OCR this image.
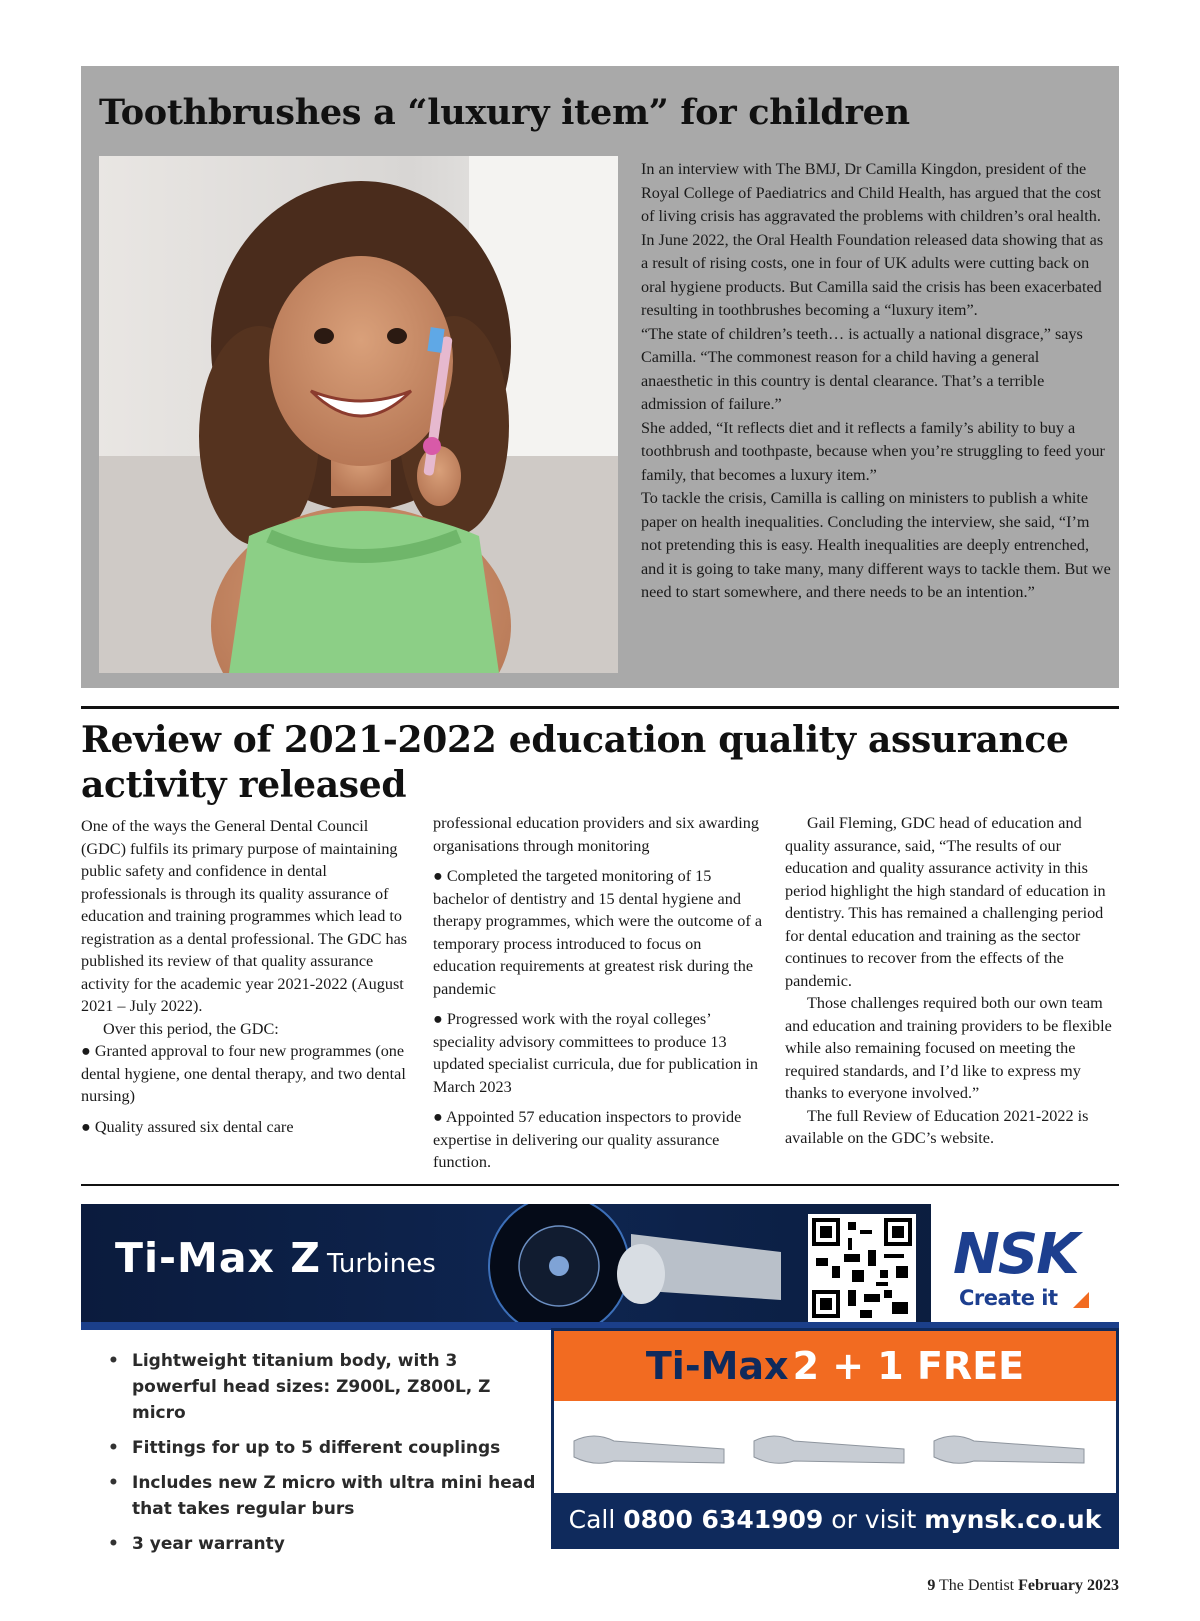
Toothbrushes a “luxury item” for children

In an interview with The BMJ, Dr Camilla Kingdon, president of the Royal College of Paediatrics and Child Health, has argued that the cost of living crisis has aggravated the problems with children’s oral health.

In June 2022, the Oral Health Foundation released data showing that as a result of rising costs, one in four of UK adults were cutting back on oral hygiene products. But Camilla said the crisis has been exacerbated resulting in toothbrushes becoming a “luxury item”.

“The state of children’s teeth… is actually a national disgrace,” says Camilla. “The commonest reason for a child having a general anaesthetic in this country is dental clearance. That’s a terrible admission of failure.”

She added, “It reflects diet and it reflects a family’s ability to buy a toothbrush and toothpaste, because when you’re struggling to feed your family, that becomes a luxury item.”

To tackle the crisis, Camilla is calling on ministers to publish a white paper on health inequalities. Concluding the interview, she said, “I’m not pretending this is easy. Health inequalities are deeply entrenched, and it is going to take many, many different ways to tackle them. But we need to start somewhere, and there needs to be an intention.”

Review of 2021-2022 education quality assurance activity released

One of the ways the General Dental Council (GDC) fulfils its primary purpose of maintaining public safety and confidence in dental professionals is through its quality assurance of education and training programmes which lead to registration as a dental professional. The GDC has published its review of that quality assurance activity for the academic year 2021-2022 (August 2021 – July 2022).

Over this period, the GDC:

● Granted approval to four new programmes (one dental hygiene, one dental therapy, and two dental nursing)

● Quality assured six dental care

professional education providers and six awarding organisations through monitoring

● Completed the targeted monitoring of 15 bachelor of dentistry and 15 dental hygiene and therapy programmes, which were the outcome of a temporary process introduced to focus on education requirements at greatest risk during the pandemic

● Progressed work with the royal colleges’ speciality advisory committees to produce 13 updated specialist curricula, due for publication in March 2023

● Appointed 57 education inspectors to provide expertise in delivering our quality assurance function.

Gail Fleming, GDC head of education and quality assurance, said, “The results of our education and quality assurance activity in this period highlight the high standard of education in dentistry. This has remained a challenging period for dental education and training as the sector continues to recover from the effects of the pandemic.

Those challenges required both our own team and education and training providers to be flexible while also remaining focused on meeting the required standards, and I’d like to express my thanks to everyone involved.”

The full Review of Education 2021-2022 is available on the GDC’s website.

Ti-Max Z Turbines	NSK
Create it
• Lightweight titanium body, with 3 powerful head sizes: Z900L, Z800L, Z micro
• Fittings for up to 5 different couplings
• Includes new Z micro with ultra mini head that takes regular burs
• 3 year warranty
Ti-Max 2 + 1 FREE
Call 0800 6341909 or visit mynsk.co.uk
9 The Dentist February 2023
